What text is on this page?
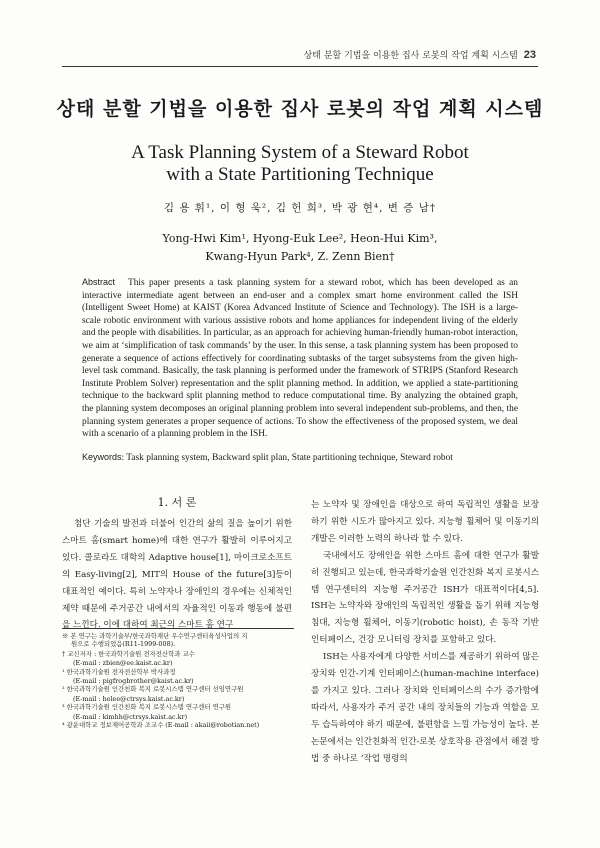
상태 분할 기법을 이용한 집사 로봇의 작업 계획 시스템 23
상태 분할 기법을 이용한 집사 로봇의 작업 계획 시스템
A Task Planning System of a Steward Robot
with a State Partitioning Technique
김 용 휘¹, 이 형 욱², 김 헌 희³, 박 광 현⁴, 변 증 남†
Yong-Hwi Kim¹, Hyong-Euk Lee², Heon-Hui Kim³,
Kwang-Hyun Park⁴, Z. Zenn Bien†
Abstract This paper presents a task planning system for a steward robot, which has been developed as an interactive intermediate agent between an end-user and a complex smart home environment called the ISH (Intelligent Sweet Home) at KAIST (Korea Advanced Institute of Science and Technology). The ISH is a large-scale robotic environment with various assistive robots and home appliances for independent living of the elderly and the people with disabilities. In particular, as an approach for achieving human-friendly human-robot interaction, we aim at ‘simplification of task commands’ by the user. In this sense, a task planning system has been proposed to generate a sequence of actions effectively for coordinating subtasks of the target subsystems from the given high-level task command. Basically, the task planning is performed under the framework of STRIPS (Stanford Research Institute Problem Solver) representation and the split planning method. In addition, we applied a state-partitioning technique to the backward split planning method to reduce computational time. By analyzing the obtained graph, the planning system decomposes an original planning problem into several independent sub-problems, and then, the planning system generates a proper sequence of actions. To show the effectiveness of the proposed system, we deal with a scenario of a planning problem in the ISH.
Keywords: Task planning system, Backward split plan, State partitioning technique, Steward robot
1. 서 론

첨단 기술의 발전과 더불어 인간의 삶의 질을 높이기 위한 스마트 홈(smart home)에 대한 연구가 활발히 이루어지고 있다. 콜로라도 대학의 Adaptive house[1], 마이크로소프트의 Easy-living[2], MIT의 House of the future[3]등이 대표적인 예이다. 특히 노약자나 장애인의 경우에는 신체적인 제약 때문에 주거공간 내에서의 자율적인 이동과 행동에 불편을 느낀다. 이에 대하여 최근의 스마트 홈 연구

※ 본 연구는 과학기술부/한국과학재단 우수연구센터육성사업의 지
원으로 수행되었음(R11-1999-008).

† 교신저자 : 한국과학기술원 전자전산학과 교수

(E-mail : zbien@ee.kaist.ac.kr)

¹ 한국과학기술원 전자전산학부 박사과정

(E-mail : pigfrogbrother@kaist.ac.kr)

² 한국과학기술원 인간친화 복지 로봇시스템 연구센터 선임연구원

(E-mail : helee@ctrsys.kaist.ac.kr)

³ 한국과학기술원 인간친화 복지 로봇시스템 연구센터 연구원

(E-mail : kimhh@ctrsys.kaist.ac.kr)

⁴ 광운대학교 정보제어공학과 조교수 (E-mail : akaii@robotian.net)

는 노약자 및 장애인을 대상으로 하여 독립적인 생활을 보장하기 위한 시도가 많아지고 있다. 지능형 휠체어 및 이동기의 개발은 이러한 노력의 하나라 할 수 있다.

국내에서도 장애인을 위한 스마트 홈에 대한 연구가 활발히 진행되고 있는데, 한국과학기술원 인간친화 복지 로봇시스템 연구센터의 지능형 주거공간 ISH가 대표적이다[4,5]. ISH는 노약자와 장애인의 독립적인 생활을 돕기 위해 지능형 침대, 지능형 휠체어, 이동기(robotic hoist), 손 동작 기반 인터페이스, 건강 모니터링 장치를 포함하고 있다.

ISH는 사용자에게 다양한 서비스를 제공하기 위하여 많은 장치와 인간-기계 인터페이스(human-machine interface)를 가지고 있다. 그러나 장치와 인터페이스의 수가 증가함에 따라서, 사용자가 주거 공간 내의 장치들의 기능과 역할을 모두 습득하여야 하기 때문에, 불편함을 느낄 가능성이 높다. 본 논문에서는 인간친화적 인간-로봇 상호작용 관점에서 해결 방법 중 하나로 ‘작업 명령의
